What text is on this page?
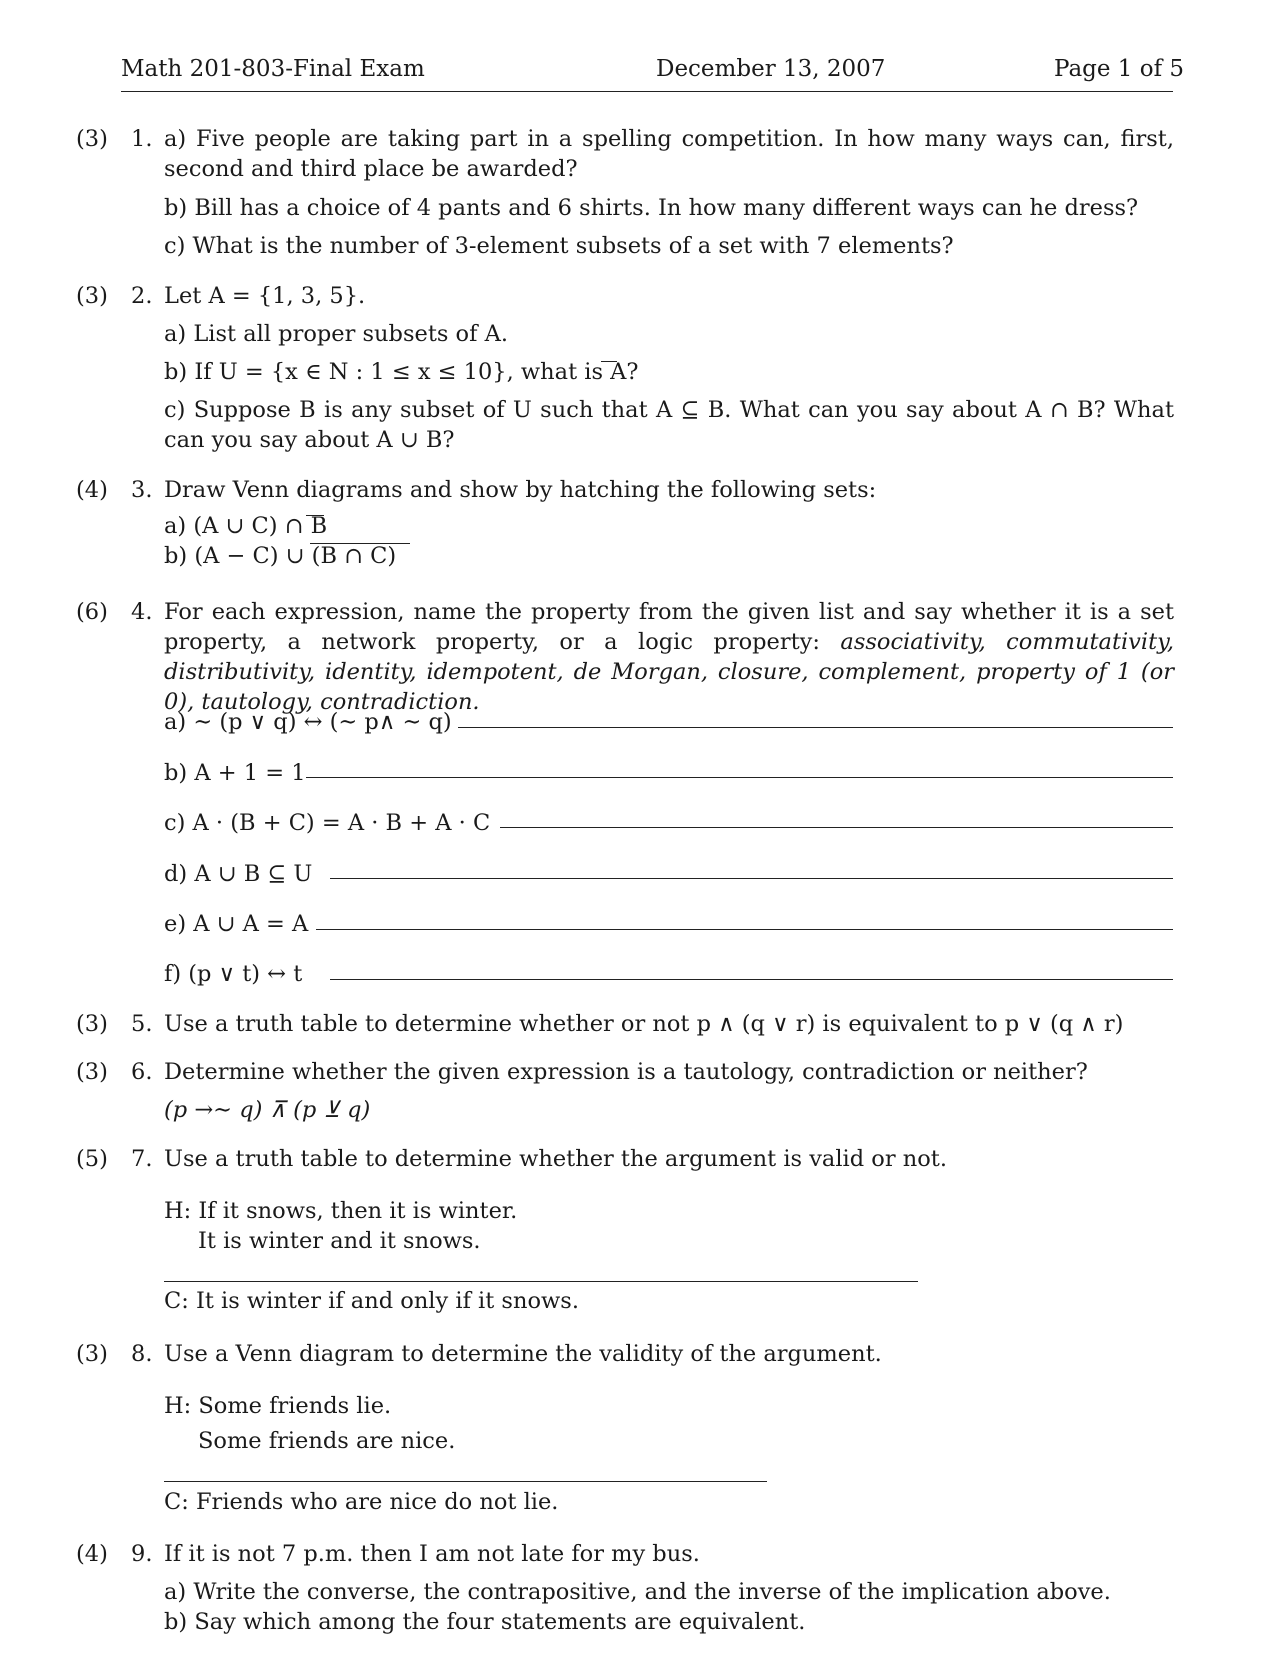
Math 201-803-Final Exam	December 13, 2007	Page 1 of 5
(3) 1. a) Five people are taking part in a spelling competition. In how many ways can, first, second and third place be awarded?
b) Bill has a choice of 4 pants and 6 shirts. In how many different ways can he dress?
c) What is the number of 3-element subsets of a set with 7 elements?
(3) 2. Let A = {1, 3, 5}.
a) List all proper subsets of A.
b) If U = {x ∈ N : 1 ≤ x ≤ 10}, what is A?
c) Suppose B is any subset of U such that A ⊆ B. What can you say about A ∩ B? What can you say about A ∪ B?
(4) 3. Draw Venn diagrams and show by hatching the following sets:
a) (A ∪ C) ∩ B
b) (A − C) ∪ (B ∩ C)
(6) 4. For each expression, name the property from the given list and say whether it is a set property, a network property, or a logic property: associativity, commutativity, distributivity, identity, idempotent, de Morgan, closure, complement, property of 1 (or 0), tautology, contradiction.
a) ∼ (p ∨ q) ↔ (∼ p∧ ∼ q)
b) A + 1 = 1
c) A · (B + C) = A · B + A · C
d) A ∪ B ⊆ U
e) A ∪ A = A
f) (p ∨ t) ↔ t
(3) 5. Use a truth table to determine whether or not p ∧ (q ∨ r) is equivalent to p ∨ (q ∧ r)
(3) 6. Determine whether the given expression is a tautology, contradiction or neither?
(p →∼ q) ⊼ (p ⊻ q)
(5) 7. Use a truth table to determine whether the argument is valid or not.
H: If it snows, then it is winter.
It is winter and it snows.
C: It is winter if and only if it snows.
(3) 8. Use a Venn diagram to determine the validity of the argument.
H: Some friends lie.
Some friends are nice.
C: Friends who are nice do not lie.
(4) 9. If it is not 7 p.m. then I am not late for my bus.
a) Write the converse, the contrapositive, and the inverse of the implication above.
b) Say which among the four statements are equivalent.
